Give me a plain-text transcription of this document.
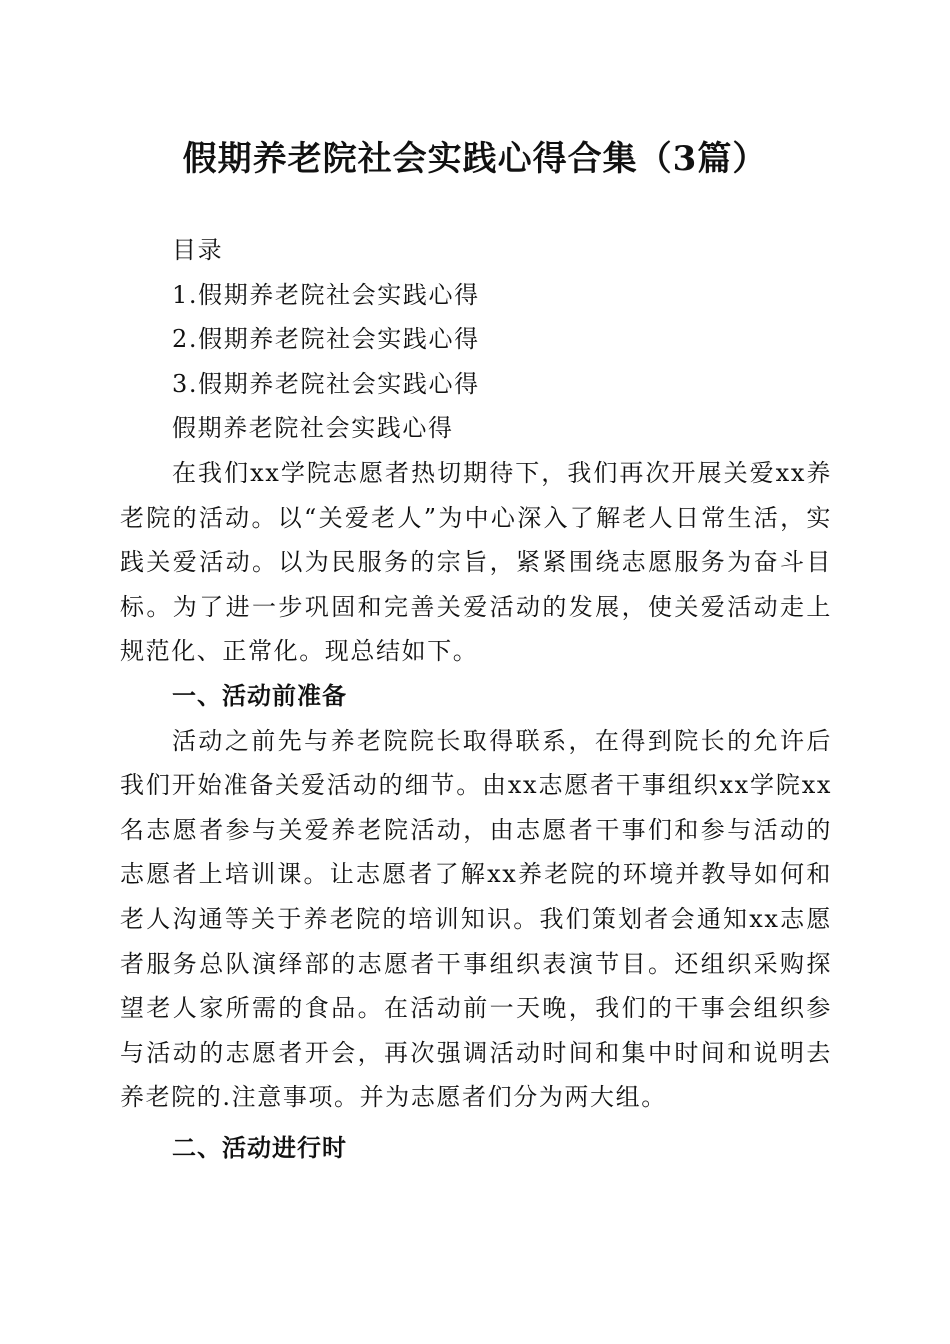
假期养老院社会实践心得合集（3篇）

目录

1.假期养老院社会实践心得

2.假期养老院社会实践心得

3.假期养老院社会实践心得

假期养老院社会实践心得

在我们xx学院志愿者热切期待下，我们再次开展关爱xx养老院的活动。以“关爱老人”为中心深入了解老人日常生活，实践关爱活动。以为民服务的宗旨，紧紧围绕志愿服务为奋斗目标。为了进一步巩固和完善关爱活动的发展，使关爱活动走上规范化、正常化。现总结如下。

一、活动前准备

活动之前先与养老院院长取得联系，在得到院长的允许后我们开始准备关爱活动的细节。由xx志愿者干事组织xx学院xx名志愿者参与关爱养老院活动，由志愿者干事们和参与活动的志愿者上培训课。让志愿者了解xx养老院的环境并教导如何和老人沟通等关于养老院的培训知识。我们策划者会通知xx志愿者服务总队演绎部的志愿者干事组织表演节目。还组织采购探望老人家所需的食品。在活动前一天晚，我们的干事会组织参与活动的志愿者开会，再次强调活动时间和集中时间和说明去养老院的.注意事项。并为志愿者们分为两大组。

二、活动进行时
